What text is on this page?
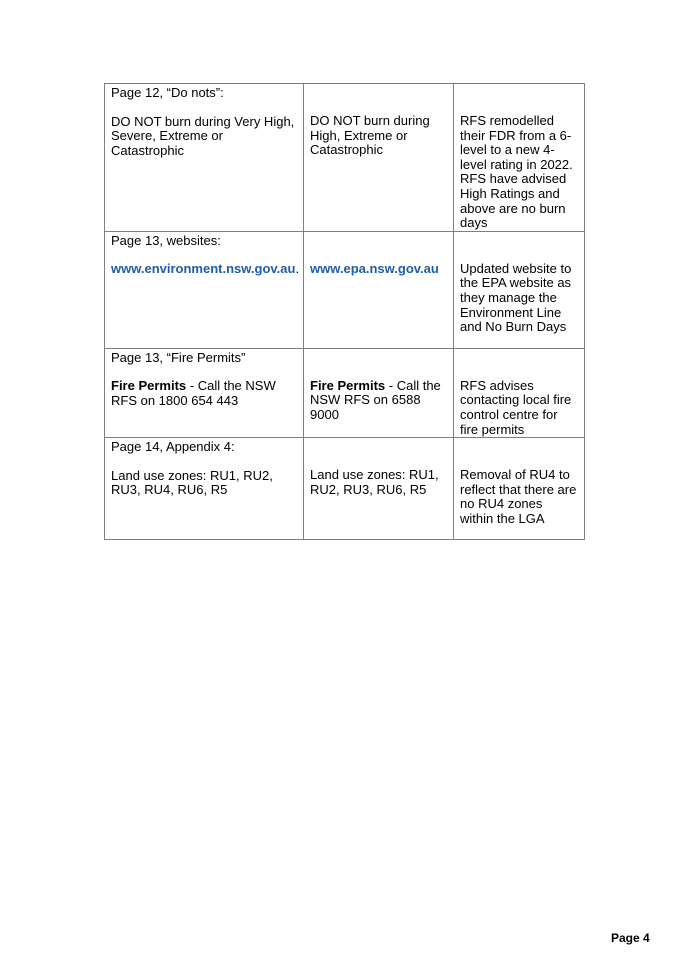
Page 12, “Do nots”:
DO NOT burn during Very High, Severe, Extreme or Catastrophic	DO NOT burn during High, Extreme or Catastrophic	RFS remodelled their FDR from a 6-level to a new 4-level rating in 2022. RFS have advised High Ratings and above are no burn days

Page 13, websites:
www.environment.nsw.gov.au.	www.epa.nsw.gov.au	Updated website to the EPA website as they manage the Environment Line and No Burn Days

Page 13, “Fire Permits”
Fire Permits - Call the NSW RFS on 1800 654 443	Fire Permits - Call the NSW RFS on 6588 9000	RFS advises contacting local fire control centre for fire permits

Page 14, Appendix 4:
Land use zones: RU1, RU2, RU3, RU4, RU6, R5	Land use zones: RU1, RU2, RU3, RU6, R5	Removal of RU4 to reflect that there are no RU4 zones within the LGA
Page 4
